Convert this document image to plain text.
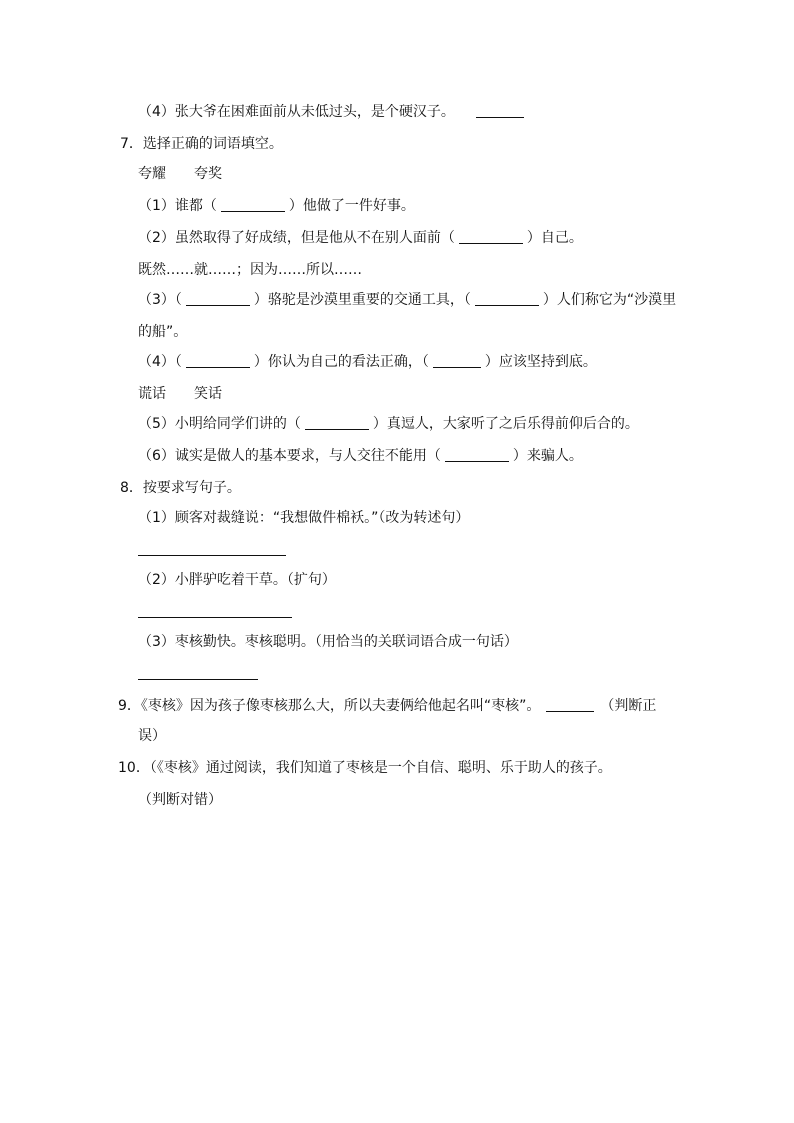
（4）张大爷在困难面前从未低过头，是个硬汉子。
7．选择正确的词语填空。
夸耀　　夸奖
（1）谁都（	）他做了一件好事。
（2）虽然取得了好成绩，但是他从不在别人面前（	）自己。
既然……就……；因为……所以……
（3）（	）骆驼是沙漠里重要的交通工具，（	）人们称它为“沙漠里
的船”。
（4）（	）你认为自己的看法正确，（	）应该坚持到底。
谎话　　笑话
（5）小明给同学们讲的（	）真逗人，大家听了之后乐得前仰后合的。
（6）诚实是做人的基本要求，与人交往不能用（	）来骗人。
8．按要求写句子。
（1）顾客对裁缝说：“我想做件棉袄。”（改为转述句）
（2）小胖驴吃着干草。（扩句）
（3）枣核勤快。枣核聪明。（用恰当的关联词语合成一句话）
9．《枣核》因为孩子像枣核那么大，所以夫妻俩给他起名叫“枣核”。	（判断正
误）
10．（《枣核》通过阅读，我们知道了枣核是一个自信、聪明、乐于助人的孩子。
（判断对错）
